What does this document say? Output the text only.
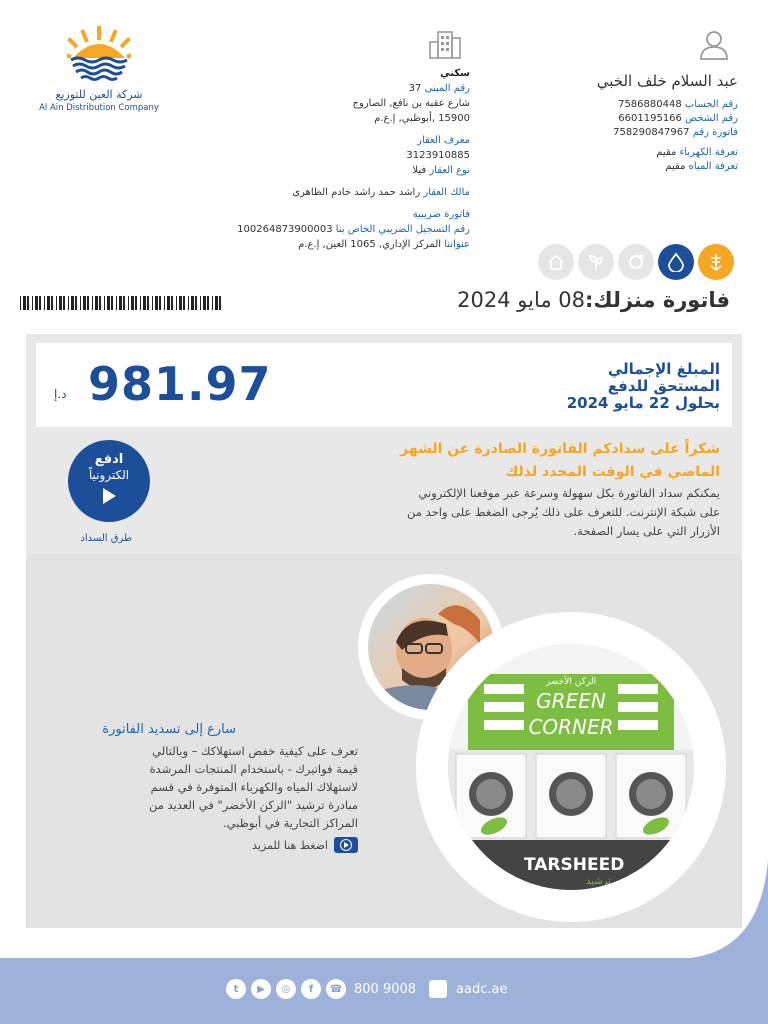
شركة العين للتوزيع
Al Ain Distribution Company
سكني
رقم المبنى 37
شارع عقبة بن نافع, الصاروج
15900 ,أبوظبي, إ.ع.م
معرف العقار
3123910885
نوع العقار فيلا
مالك العقار راشد حمد راشد خادم الظاهرى
فاتورة ضريبية
رقم التسجيل الضريبي الخاص بنا 100264873900003
عنواننا المركز الإداري, 1065 العين, إ.ع.م
عبد السلام خلف الخبي
رقم الحساب 7586880448
رقم الشخص 6601195166
فاتورة رقم 758290847967
تعرفة الكهرباء مقيم
تعرفة المياه مقيم
فاتورة منزلك:08 مايو 2024
المبلغ الإجمالي
المستحق للدفع
بحلول 22 مايو 2024
981.97
د.إ
ادفع
الكترونياً
طرق السداد
شكراً على سدادكم الفاتورة الصادرة عن الشهر
الماضي في الوقت المحدد لذلك
يمكنكم سداد الفاتورة بكل سهولة وسرعة عبر موقعنا الإلكتروني
على شبكة الإنترنت. للتعرف على ذلك يُرجى الضغط على واحد من
الأزرار التي على يسار الصفحة.
الركن الأخضر
GREEN
CORNER
TARSHEED
ترشيد
سارع إلى تسديد الفاتورة
تعرف على كيفية خفض استهلاكك – وبالتالي
قيمة فواتيرك - باستخدام المنتجات المرشدة
لاستهلاك المياه والكهرباء المتوفرة في قسم
مبادرة ترشيد "الركن الأخضر" في العديد من
المراكز التجارية في أبوظبي.
اضغط هنا للمزيد
t	▶	◎	f	☎ 800 9008	aadc.ae
